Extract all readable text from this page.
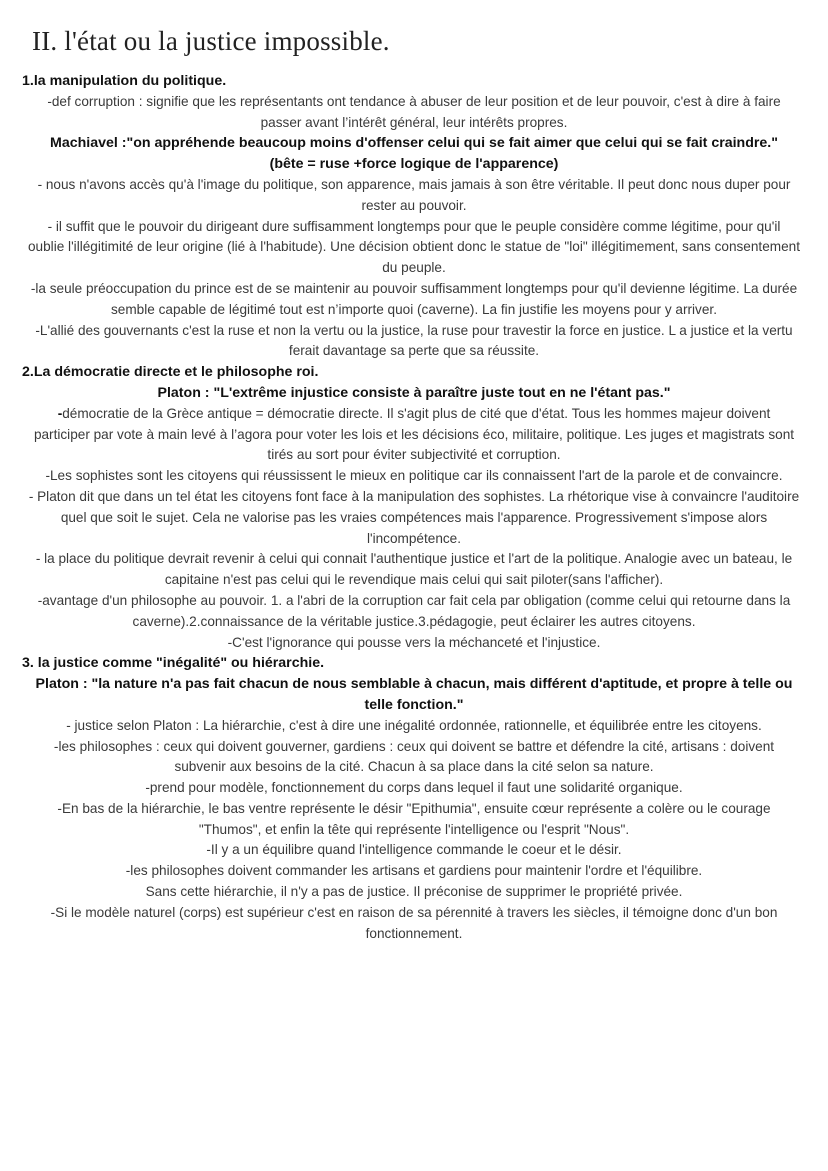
II. l'état ou la justice impossible.

1.la manipulation du politique.

-def corruption : signifie que les représentants ont tendance à abuser de leur position et de leur pouvoir, c'est à dire à faire passer avant l’intérêt général, leur intérêts propres.

Machiavel :"on appréhende beaucoup moins d'offenser celui qui se fait aimer que celui qui se fait craindre." (bête = ruse +force logique de l'apparence)

- nous n'avons accès qu'à l'image du politique, son apparence, mais jamais à son être véritable. Il peut donc nous duper pour rester au pouvoir.

- il suffit que le pouvoir du dirigeant dure suffisamment longtemps pour que le peuple considère comme légitime, pour qu'il oublie l'illégitimité de leur origine (lié à l'habitude). Une décision obtient donc le statue de "loi" illégitimement, sans consentement du peuple.

-la seule préoccupation du prince est de se maintenir au pouvoir suffisamment longtemps pour qu'il devienne légitime. La durée semble capable de légitimé tout est n’importe quoi (caverne). La fin justifie les moyens pour y arriver.

-L'allié des gouvernants c'est la ruse et non la vertu ou la justice, la ruse pour travestir la force en justice. L a justice et la vertu ferait davantage sa perte que sa réussite.

2.La démocratie directe et le philosophe roi.

Platon : "L'extrême injustice consiste à paraître juste tout en ne l'étant pas."

-démocratie de la Grèce antique = démocratie directe. Il s'agit plus de cité que d'état. Tous les hommes majeur doivent participer par vote à main levé à l’agora pour voter les lois et les décisions éco, militaire, politique. Les juges et magistrats sont tirés au sort pour éviter subjectivité et corruption.

-Les sophistes sont les citoyens qui réussissent le mieux en politique car ils connaissent l'art de la parole et de convaincre.

- Platon dit que dans un tel état les citoyens font face à la manipulation des sophistes. La rhétorique vise à convaincre l'auditoire quel que soit le sujet. Cela ne valorise pas les vraies compétences mais l'apparence. Progressivement s'impose alors l'incompétence.

- la place du politique devrait revenir à celui qui connait l'authentique justice et l'art de la politique. Analogie avec un bateau, le capitaine n'est pas celui qui le revendique mais celui qui sait piloter(sans l'afficher).

-avantage d'un philosophe au pouvoir. 1. a l'abri de la corruption car fait cela par obligation (comme celui qui retourne dans la caverne).2.connaissance de la véritable justice.3.pédagogie, peut éclairer les autres citoyens.

-C'est l'ignorance qui pousse vers la méchanceté et l'injustice.

3. la justice comme "inégalité" ou hiérarchie.

Platon : "la nature n'a pas fait chacun de nous semblable à chacun, mais différent d'aptitude, et propre à telle ou telle fonction."

- justice selon Platon : La hiérarchie, c'est à dire une inégalité ordonnée, rationnelle, et équilibrée entre les citoyens.

-les philosophes : ceux qui doivent gouverner, gardiens : ceux qui doivent se battre et défendre la cité, artisans : doivent subvenir aux besoins de la cité. Chacun à sa place dans la cité selon sa nature.

-prend pour modèle, fonctionnement du corps dans lequel il faut une solidarité organique.

-En bas de la hiérarchie, le bas ventre représente le désir "Epithumia", ensuite cœur représente a colère ou le courage "Thumos", et enfin la tête qui représente l'intelligence ou l'esprit "Nous".

-Il y a un équilibre quand l'intelligence commande le coeur et le désir.

-les philosophes doivent commander les artisans et gardiens pour maintenir l'ordre et l'équilibre.

Sans cette hiérarchie, il n'y a pas de justice. Il préconise de supprimer le propriété privée.

-Si le modèle naturel (corps) est supérieur c'est en raison de sa pérennité à travers les siècles, il témoigne donc d'un bon fonctionnement.
